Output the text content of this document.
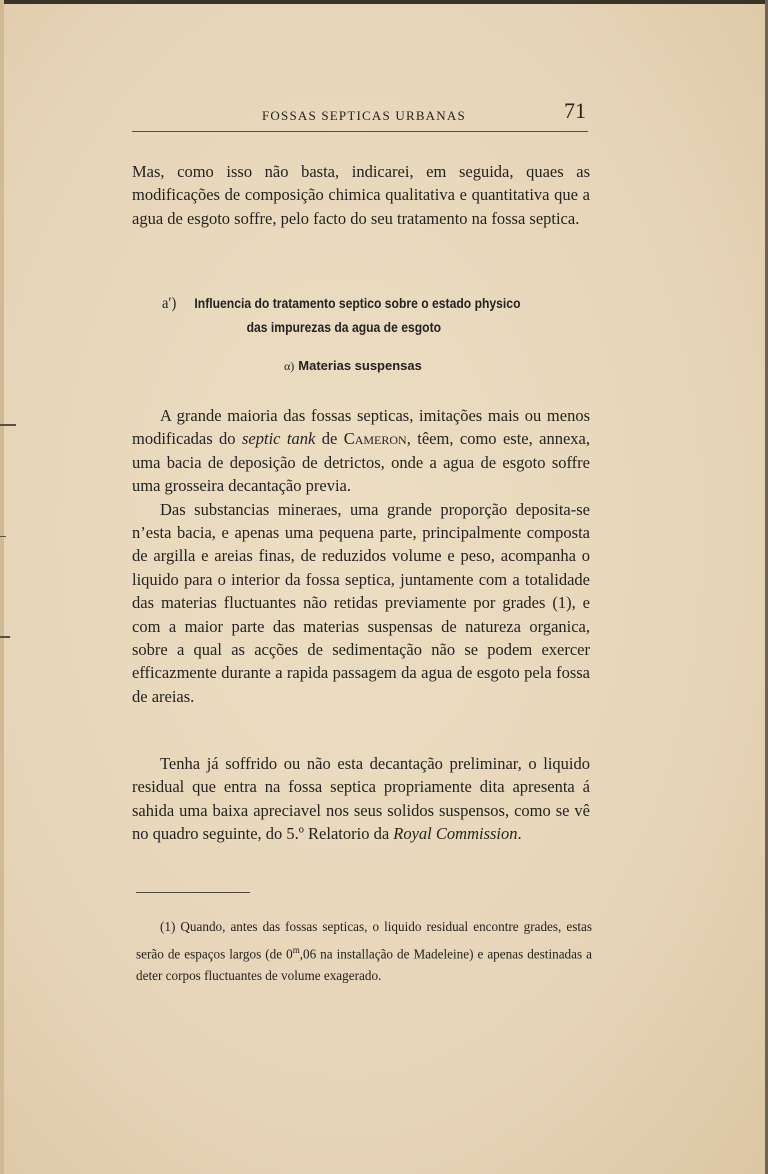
FOSSAS SEPTICAS URBANAS	71

Mas, como isso não basta, indicarei, em seguida, quaes as modificações de composição chimica qualitativa e quantitativa que a agua de esgoto soffre, pelo facto do seu tratamento na fossa septica.

a′) Influencia do tratamento septico sobre o estado physico
das impurezas da agua de esgoto
α) Materias suspensas

A grande maioria das fossas septicas, imitações mais ou menos modificadas do septic tank de Cameron, têem, como este, annexa, uma bacia de deposição de detrictos, onde a agua de esgoto soffre uma grosseira decantação previa.

Das substancias mineraes, uma grande proporção deposita-se n’esta bacia, e apenas uma pequena parte, principalmente composta de argilla e areias finas, de reduzidos volume e peso, acompanha o liquido para o interior da fossa septica, juntamente com a totalidade das materias fluctuantes não retidas previamente por grades (1), e com a maior parte das materias suspensas de natureza organica, sobre a qual as acções de sedimentação não se podem exercer efficazmente durante a rapida passagem da agua de esgoto pela fossa de areias.

Tenha já soffrido ou não esta decantação preliminar, o liquido residual que entra na fossa septica propriamente dita apresenta á sahida uma baixa apreciavel nos seus solidos suspensos, como se vê no quadro seguinte, do 5.º Relatorio da Royal Commission.

(1) Quando, antes das fossas septicas, o liquido residual encontre grades, estas serão de espaços largos (de 0$^m$,06 na installação de Madeleine) e apenas destinadas a deter corpos fluctuantes de volume exagerado.
